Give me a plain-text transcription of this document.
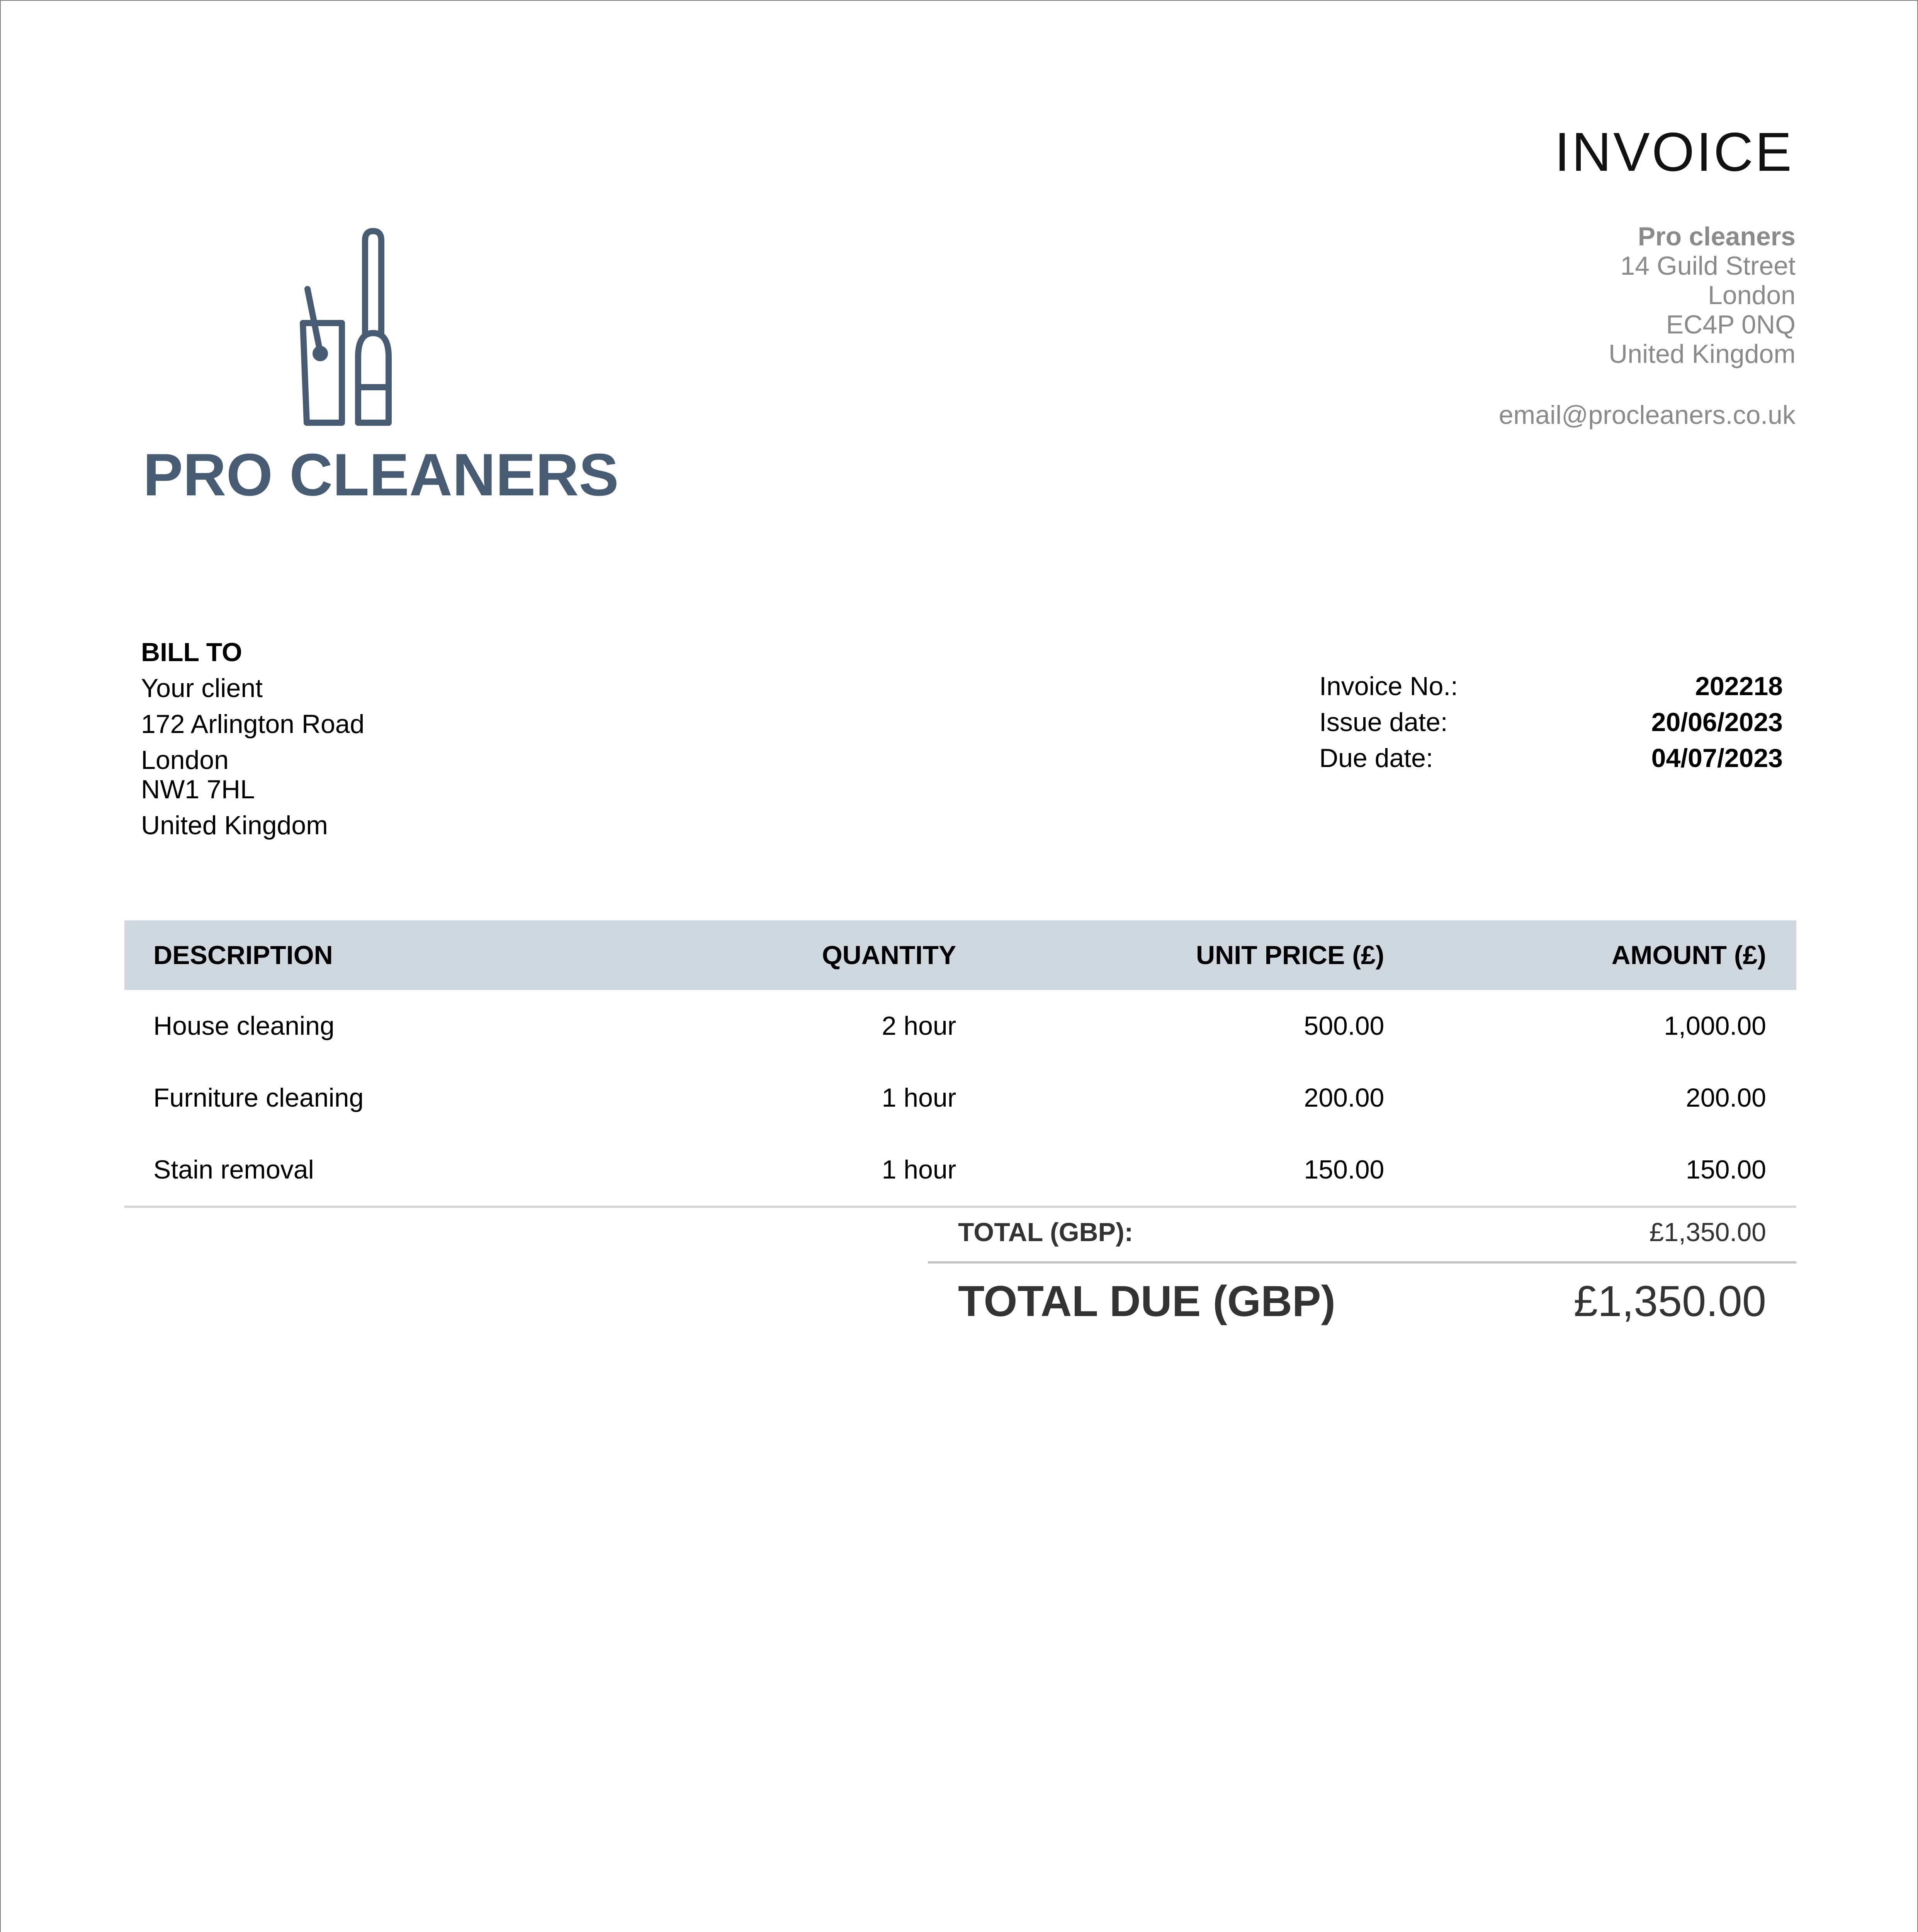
INVOICE
PRO CLEANERS
Pro cleaners
14 Guild Street
London
EC4P 0NQ
United Kingdom
email@procleaners.co.uk
BILL TO
Your client
172 Arlington Road
London
NW1 7HL
United Kingdom
Invoice No.:	202218
Issue date:	20/06/2023
Due date:	04/07/2023
DESCRIPTION	QUANTITY	UNIT PRICE (£)	AMOUNT (£)
House cleaning	2 hour	500.00	1,000.00
Furniture cleaning	1 hour	200.00	200.00
Stain removal	1 hour	150.00	150.00
TOTAL (GBP):	£1,350.00
TOTAL DUE (GBP)	£1,350.00
